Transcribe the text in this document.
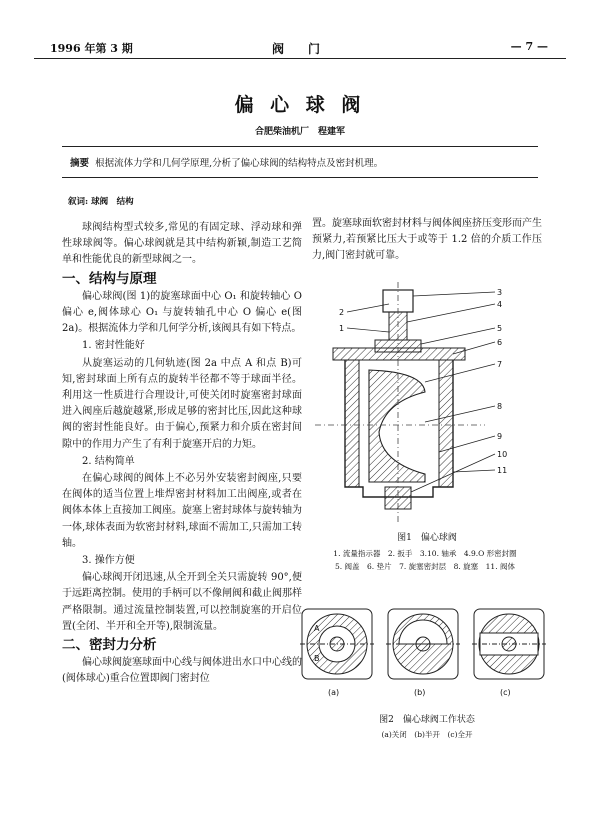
1996 年第 3 期	阀　　门	— 7 —
偏 心 球 阀
合肥柴油机厂　程建军
摘要 根据流体力学和几何学原理,分析了偏心球阀的结构特点及密封机理。
叙词: 球阀　结构

球阀结构型式较多,常见的有固定球、浮动球和弹性球球阀等。偏心球阀就是其中结构新颖,制造工艺简单和性能优良的新型球阀之一。

一、结构与原理

偏心球阀(图 1)的旋塞球面中心 O₁ 和旋转轴心 O 偏心 e,阀体球心 O₁ 与旋转轴孔中心 O 偏心 e(图 2a)。根据流体力学和几何学分析,该阀具有如下特点。

1. 密封性能好

从旋塞运动的几何轨迹(图 2a 中点 A 和点 B)可知,密封球面上所有点的旋转半径都不等于球面半径。利用这一性质进行合理设计,可使关闭时旋塞密封球面进入阀座后越旋越紧,形成足够的密封比压,因此这种球阀的密封性能良好。由于偏心,预紧力和介质在密封间隙中的作用力产生了有利于旋塞开启的力矩。

2. 结构简单

在偏心球阀的阀体上不必另外安装密封阀座,只要在阀体的适当位置上堆焊密封材料加工出阀座,或者在阀体本体上直接加工阀座。旋塞上密封球体与旋转轴为一体,球体表面为软密封材料,球面不需加工,只需加工转轴。

3. 操作方便

偏心球阀开闭迅速,从全开到全关只需旋转 90°,便于远距离控制。使用的手柄可以不像闸阀和截止阀那样严格限制。通过流量控制装置,可以控制旋塞的开启位置(全闭、半开和全开等),限制流量。

二、密封力分析

偏心球阀旋塞球面中心线与阀体进出水口中心线的(阀体球心)重合位置即阀门密封位

置。旋塞球面软密封材料与阀体阀座挤压变形而产生预紧力,若预紧比压大于或等于 1.2 倍的介质工作压力,阀门密封就可靠。

3
2
4
1	5
6
7
8
9
10
11
图1　偏心球阀
1. 流量指示器　2. 扳手　3.10. 轴承　4.9.O 形密封圈
5. 阀盖　6. 垫片　7. 旋塞密封层　8. 旋塞　11. 阀体
A
B
(a)	(b)	(c)
图2　偏心球阀工作状态
(a)关闭　(b)半开　(c)全开
